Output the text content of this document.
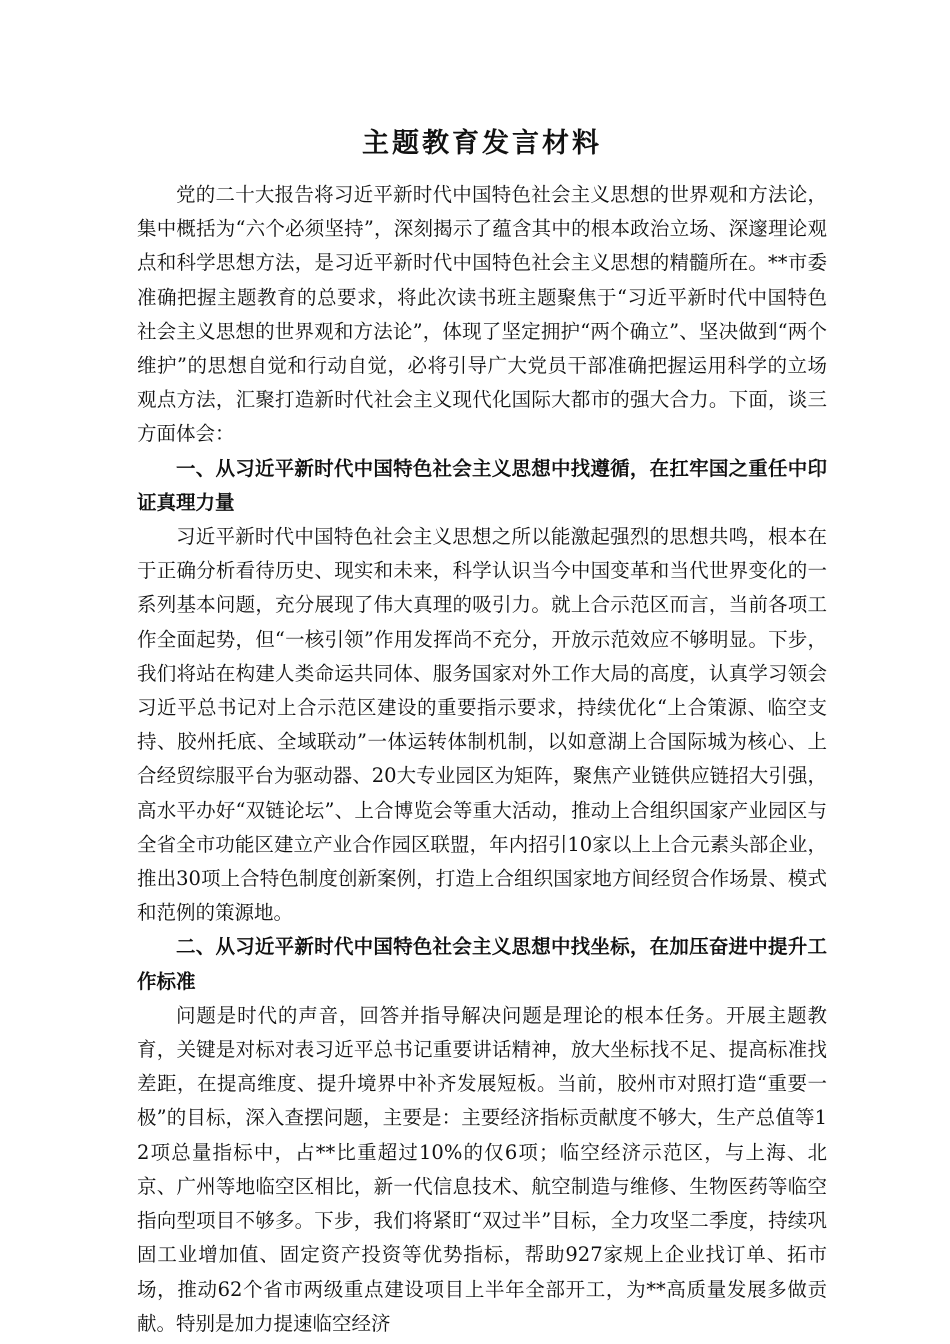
主题教育发言材料

党的二十大报告将习近平新时代中国特色社会主义思想的世界观和方法论，集中概括为“六个必须坚持”，深刻揭示了蕴含其中的根本政治立场、深邃理论观点和科学思想方法，是习近平新时代中国特色社会主义思想的精髓所在。**市委准确把握主题教育的总要求，将此次读书班主题聚焦于“习近平新时代中国特色社会主义思想的世界观和方法论”，体现了坚定拥护“两个确立”、坚决做到“两个维护”的思想自觉和行动自觉，必将引导广大党员干部准确把握运用科学的立场观点方法，汇聚打造新时代社会主义现代化国际大都市的强大合力。下面，谈三方面体会：

一、从习近平新时代中国特色社会主义思想中找遵循，在扛牢国之重任中印证真理力量

习近平新时代中国特色社会主义思想之所以能激起强烈的思想共鸣，根本在于正确分析看待历史、现实和未来，科学认识当今中国变革和当代世界变化的一系列基本问题，充分展现了伟大真理的吸引力。就上合示范区而言，当前各项工作全面起势，但“一核引领”作用发挥尚不充分，开放示范效应不够明显。下步，我们将站在构建人类命运共同体、服务国家对外工作大局的高度，认真学习领会习近平总书记对上合示范区建设的重要指示要求，持续优化“上合策源、临空支持、胶州托底、全域联动”一体运转体制机制，以如意湖上合国际城为核心、上合经贸综服平台为驱动器、20大专业园区为矩阵，聚焦产业链供应链招大引强，高水平办好“双链论坛”、上合博览会等重大活动，推动上合组织国家产业园区与全省全市功能区建立产业合作园区联盟，年内招引10家以上上合元素头部企业，推出30项上合特色制度创新案例，打造上合组织国家地方间经贸合作场景、模式和范例的策源地。

二、从习近平新时代中国特色社会主义思想中找坐标，在加压奋进中提升工作标准

问题是时代的声音，回答并指导解决问题是理论的根本任务。开展主题教育，关键是对标对表习近平总书记重要讲话精神，放大坐标找不足、提高标准找差距，在提高维度、提升境界中补齐发展短板。当前，胶州市对照打造“重要一极”的目标，深入查摆问题，主要是：主要经济指标贡献度不够大，生产总值等12项总量指标中，占**比重超过10%的仅6项；临空经济示范区，与上海、北京、广州等地临空区相比，新一代信息技术、航空制造与维修、生物医药等临空指向型项目不够多。下步，我们将紧盯“双过半”目标，全力攻坚二季度，持续巩固工业增加值、固定资产投资等优势指标，帮助927家规上企业找订单、拓市场，推动62个省市两级重点建设项目上半年全部开工，为**高质量发展多做贡献。特别是加力提速临空经济
